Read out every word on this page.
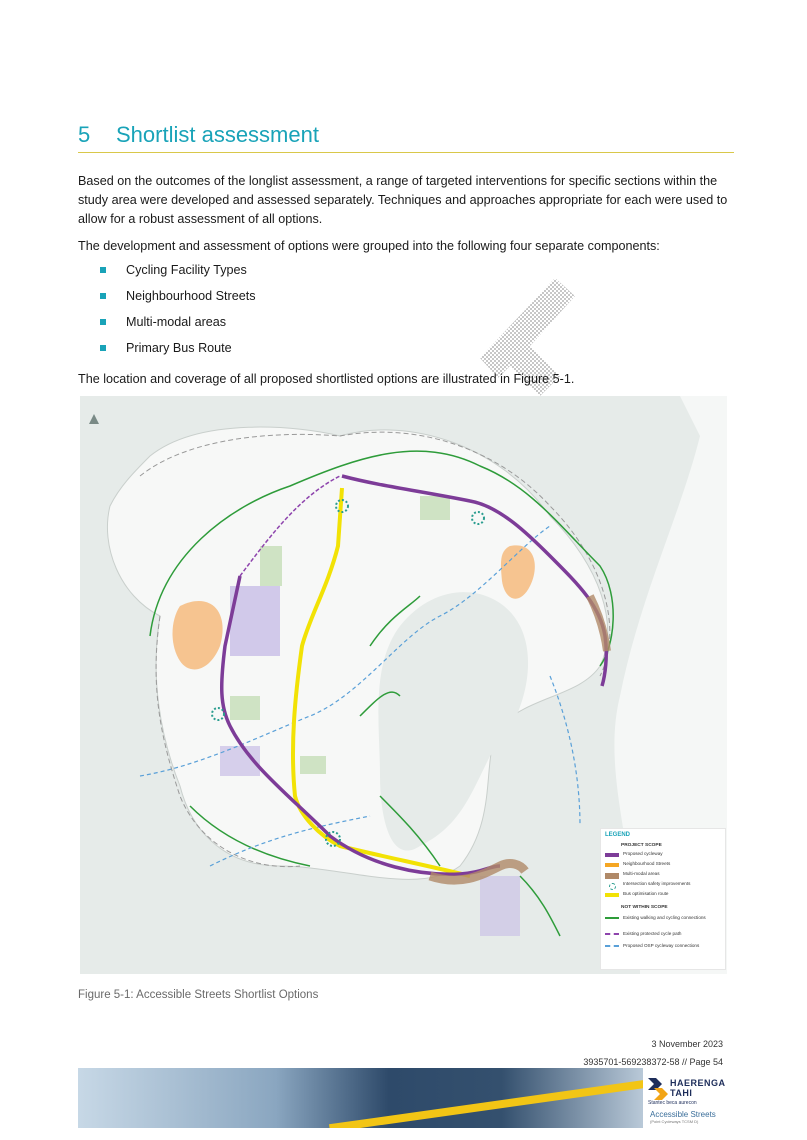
5 Shortlist assessment

Based on the outcomes of the longlist assessment, a range of targeted interventions for specific sections within the study area were developed and assessed separately. Techniques and approaches appropriate for each were used to allow for a robust assessment of all options.

The development and assessment of options were grouped into the following four separate components:

Cycling Facility Types
Neighbourhood Streets
Multi-modal areas
Primary Bus Route

The location and coverage of all proposed shortlisted options are illustrated in Figure 5-1.

LEGEND
PROJECT SCOPE
Proposed cycleway
Neighbourhood Streets
Multi-modal areas
Intersection safety improvements
Bus optimisation route
NOT WITHIN SCOPE
Existing walking and cycling connections
Existing protected cycle path
Proposed OSP cycleway connections
Figure 5-1: Accessible Streets Shortlist Options
3 November 2023
3935701-569238372-58 // Page 54
HAERENGA
TAHI
Stantec beca aurecon
Accessible Streets
(Point Cycleways TCSM D)
